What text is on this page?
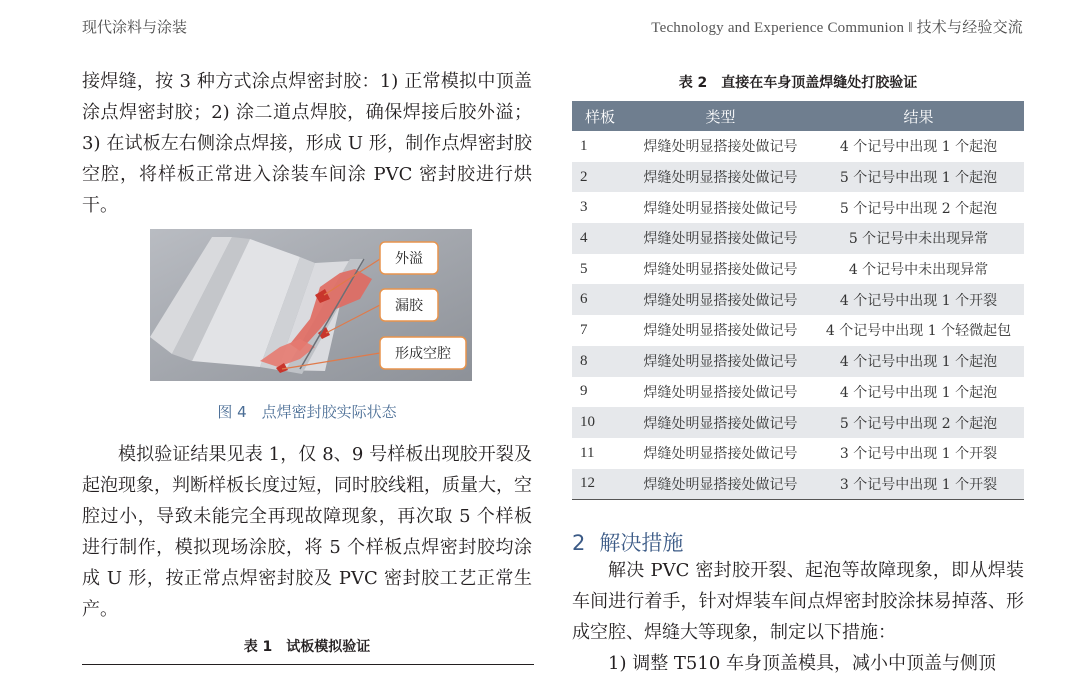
现代涂料与涂装	Technology and Experience Communion ‖ 技术与经验交流

接焊缝，按 3 种方式涂点焊密封胶：1) 正常模拟中顶盖涂点焊密封胶；2) 涂二道点焊胶，确保焊接后胶外溢；3) 在试板左右侧涂点焊接，形成 U 形，制作点焊密封胶空腔，将样板正常进入涂装车间涂 PVC 密封胶进行烘干。

外溢
漏胶
形成空腔
图 4　点焊密封胶实际状态

模拟验证结果见表 1，仅 8、9 号样板出现胶开裂及起泡现象，判断样板长度过短，同时胶线粗，质量大，空腔过小，导致未能完全再现故障现象，再次取 5 个样板进行制作，模拟现场涂胶，将 5 个样板点焊密封胶均涂成 U 形，按正常点焊密封胶及 PVC 密封胶工艺正常生产。

表 1　试板模拟验证
表 2　直接在车身顶盖焊缝处打胶验证
样板	类型	结果
1	焊缝处明显搭接处做记号	4 个记号中出现 1 个起泡
2	焊缝处明显搭接处做记号	5 个记号中出现 1 个起泡
3	焊缝处明显搭接处做记号	5 个记号中出现 2 个起泡
4	焊缝处明显搭接处做记号	5 个记号中未出现异常
5	焊缝处明显搭接处做记号	4 个记号中未出现异常
6	焊缝处明显搭接处做记号	4 个记号中出现 1 个开裂
7	焊缝处明显搭接处做记号	4 个记号中出现 1 个轻微起包
8	焊缝处明显搭接处做记号	4 个记号中出现 1 个起泡
9	焊缝处明显搭接处做记号	4 个记号中出现 1 个起泡
10	焊缝处明显搭接处做记号	5 个记号中出现 2 个起泡
11	焊缝处明显搭接处做记号	3 个记号中出现 1 个开裂
12	焊缝处明显搭接处做记号	3 个记号中出现 1 个开裂
2 解决措施

解决 PVC 密封胶开裂、起泡等故障现象，即从焊装车间进行着手，针对焊装车间点焊密封胶涂抹易掉落、形成空腔、焊缝大等现象，制定以下措施：

1) 调整 T510 车身顶盖模具，减小中顶盖与侧顶
